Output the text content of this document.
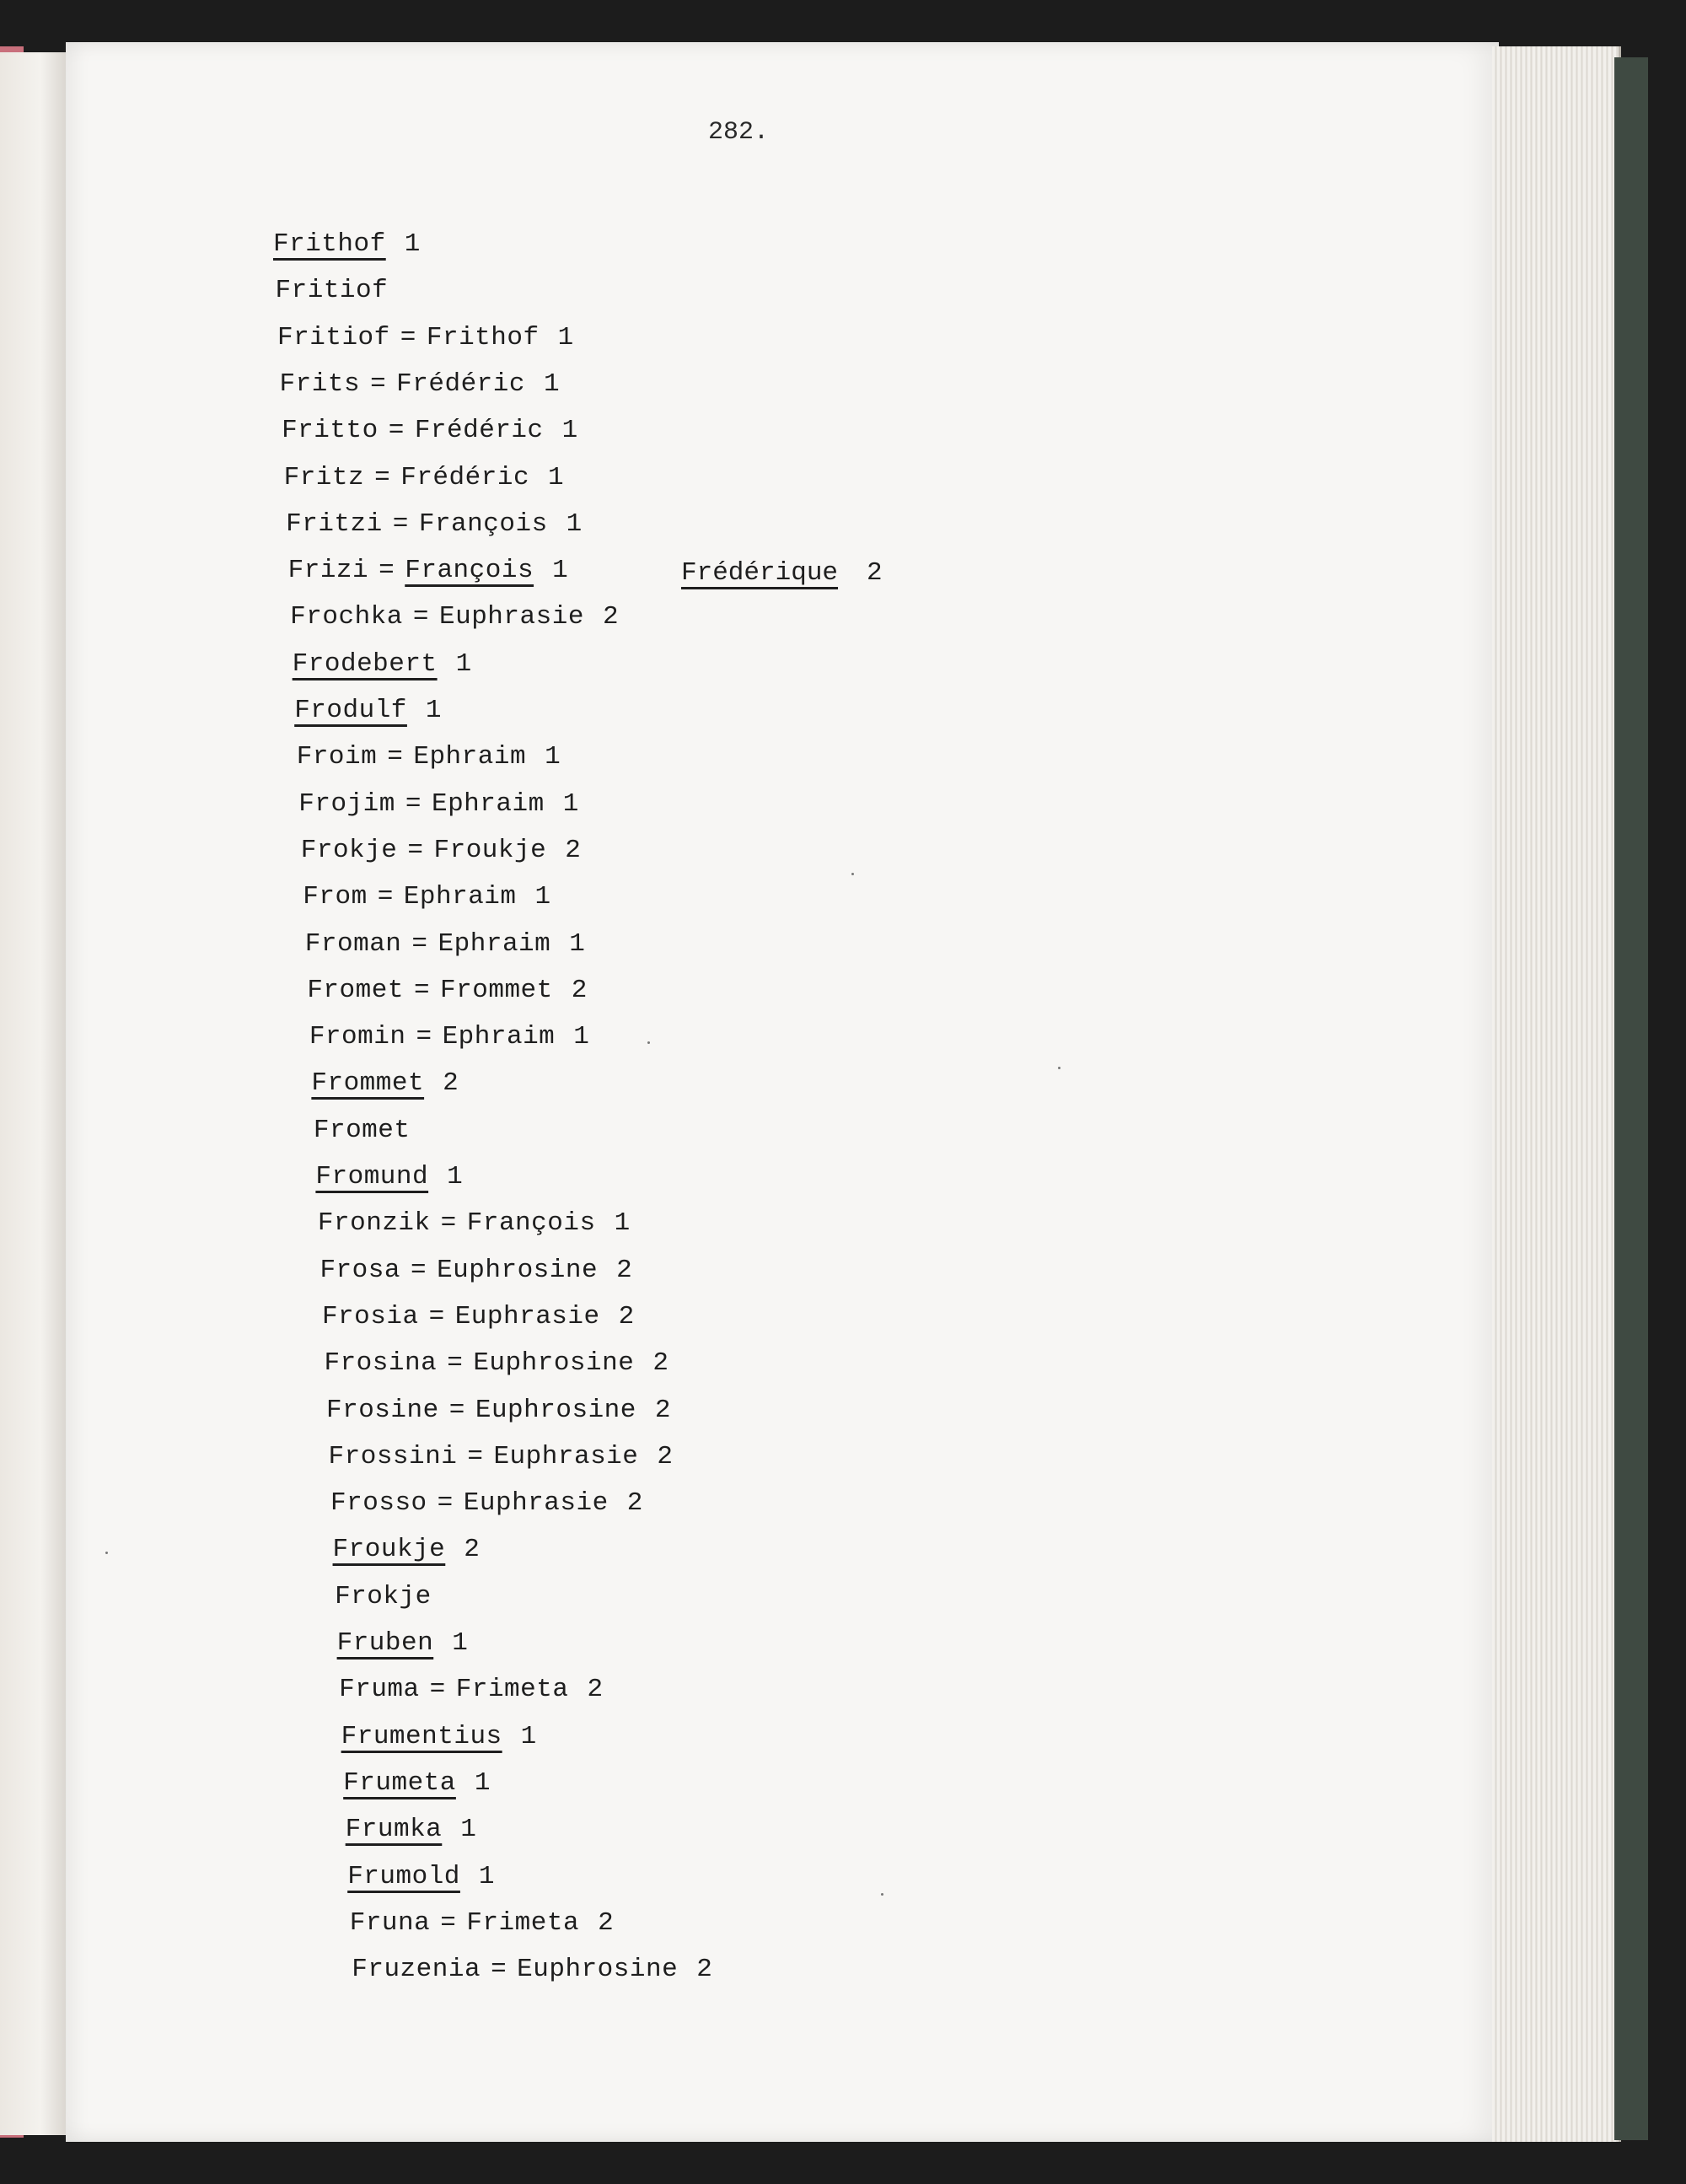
282.
Frithof 1
Fritiof
Fritiof = Frithof 1
Frits = Frédéric 1
Fritto = Frédéric 1
Fritz = Frédéric 1
Fritzi = François 1
Frizi = François 1
Frochka = Euphrasie 2
Frodebert 1
Frodulf 1
Froim = Ephraim 1
Frojim = Ephraim 1
Frokje = Froukje 2
From = Ephraim 1
Froman = Ephraim 1
Fromet = Frommet 2
Fromin = Ephraim 1
Frommet 2
Fromet
Fromund 1
Fronzik = François 1
Frosa = Euphrosine 2
Frosia = Euphrasie 2
Frosina = Euphrosine 2
Frosine = Euphrosine 2
Frossini = Euphrasie 2
Frosso = Euphrasie 2
Froukje 2
Frokje
Fruben 1
Fruma = Frimeta 2
Frumentius 1
Frumeta 1
Frumka 1
Frumold 1
Fruna = Frimeta 2
Fruzenia = Euphrosine 2
Frédérique 2
